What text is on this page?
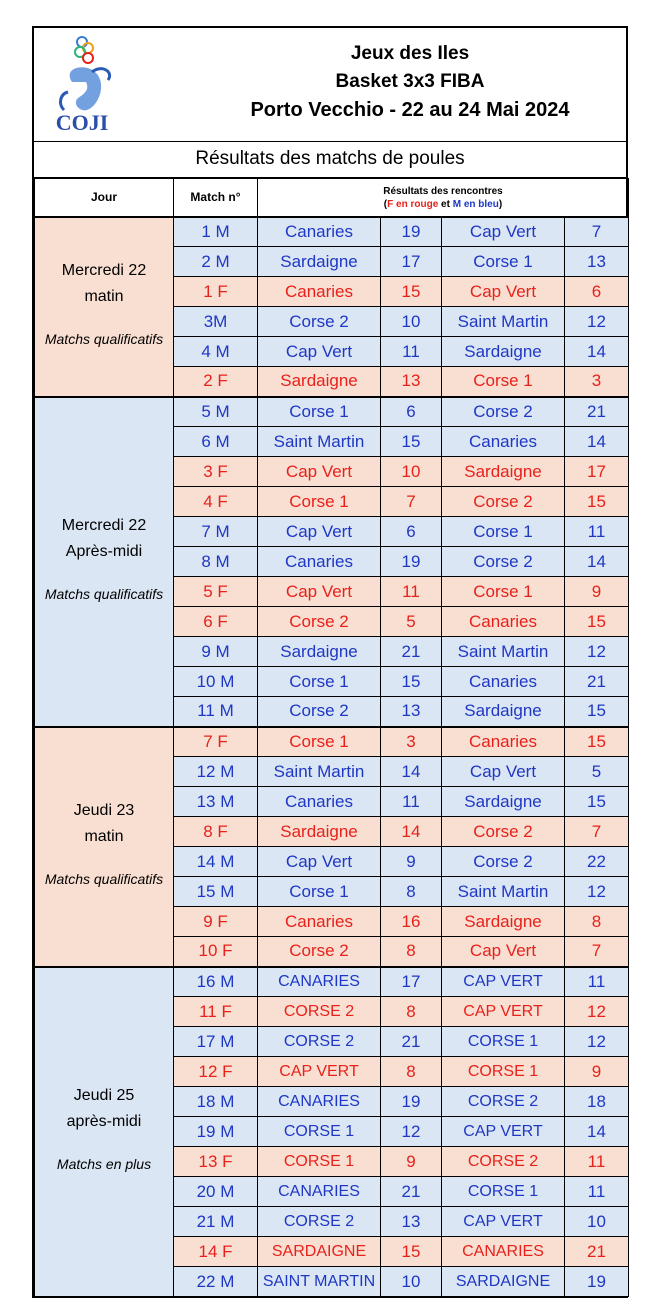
COJI
Jeux des Iles
Basket 3x3 FIBA
Porto Vecchio - 22 au 24 Mai 2024
Résultats des matchs de poules
Jour	Match n°	Résultats des rencontres
(F en rouge et M en bleu)			

Mercredi 22
matin
Matchs qualificatifs	1 M	Canaries	19	Cap Vert	7
	2 M	Sardaigne	17	Corse 1	13
	1 F	Canaries	15	Cap Vert	6
	3M	Corse 2	10	Saint Martin	12
	4 M	Cap Vert	11	Sardaigne	14
	2 F	Sardaigne	13	Corse 1	3

Mercredi 22
Après-midi
Matchs qualificatifs	5 M	Corse 1	6	Corse 2	21
	6 M	Saint Martin	15	Canaries	14
	3 F	Cap Vert	10	Sardaigne	17
	4 F	Corse 1	7	Corse 2	15
	7 M	Cap Vert	6	Corse 1	11
	8 M	Canaries	19	Corse 2	14
	5 F	Cap Vert	11	Corse 1	9
	6 F	Corse 2	5	Canaries	15
	9 M	Sardaigne	21	Saint Martin	12
	10 M	Corse 1	15	Canaries	21
	11 M	Corse 2	13	Sardaigne	15

Jeudi 23
matin
Matchs qualificatifs	7 F	Corse 1	3	Canaries	15
	12 M	Saint Martin	14	Cap Vert	5
	13 M	Canaries	11	Sardaigne	15
	8 F	Sardaigne	14	Corse 2	7
	14 M	Cap Vert	9	Corse 2	22
	15 M	Corse 1	8	Saint Martin	12
	9 F	Canaries	16	Sardaigne	8
	10 F	Corse 2	8	Cap Vert	7

Jeudi 25
après-midi
Matchs en plus	16 M	CANARIES	17	CAP VERT	11
	11 F	CORSE 2	8	CAP VERT	12
	17 M	CORSE 2	21	CORSE 1	12
	12 F	CAP VERT	8	CORSE 1	9
	18 M	CANARIES	19	CORSE 2	18
	19 M	CORSE 1	12	CAP VERT	14
	13 F	CORSE 1	9	CORSE 2	11
	20 M	CANARIES	21	CORSE 1	11
	21 M	CORSE 2	13	CAP VERT	10
	14 F	SARDAIGNE	15	CANARIES	21
	22 M	SAINT MARTIN	10	SARDAIGNE	19
